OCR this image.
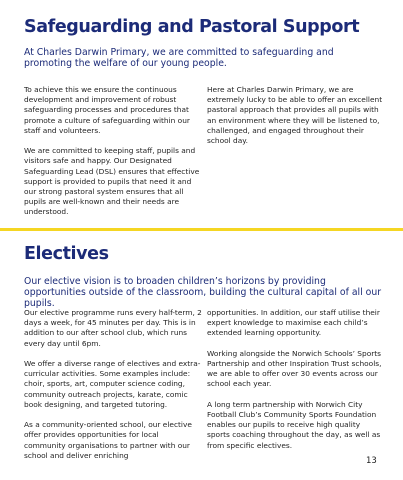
Safeguarding and Pastoral Support

At Charles Darwin Primary, we are committed to safeguarding and promoting the welfare of our young people.

To achieve this we ensure the continuous development and improvement of robust safeguarding processes and procedures that promote a culture of safeguarding within our staff and volunteers.

We are committed to keeping staff, pupils and visitors safe and happy. Our Designated Safeguarding Lead (DSL) ensures that effective support is provided to pupils that need it and our strong pastoral system ensures that all pupils are well-known and their needs are understood.

Here at Charles Darwin Primary, we are extremely lucky to be able to offer an excellent pastoral approach that provides all pupils with an environment where they will be listened to, challenged, and engaged throughout their school day.

Electives

Our elective vision is to broaden children’s horizons by providing opportunities outside of the classroom, building the cultural capital of all our pupils.

Our elective programme runs every half-term, 2 days a week, for 45 minutes per day. This is in addition to our after school club, which runs every day until 6pm.

We offer a diverse range of electives and extra-curricular activities. Some examples include: choir, sports, art, computer science coding, community outreach projects, karate, comic book designing, and targeted tutoring.

As a community-oriented school, our elective offer provides opportunities for local community organisations to partner with our school and deliver enriching

opportunities. In addition, our staff utilise their expert knowledge to maximise each child’s extended learning opportunity.

Working alongside the Norwich Schools’ Sports Partnership and other Inspiration Trust schools, we are able to offer over 30 events across our school each year.

A long term partnership with Norwich City Football Club’s Community Sports Foundation enables our pupils to receive high quality sports coaching throughout the day, as well as from specific electives.

13
